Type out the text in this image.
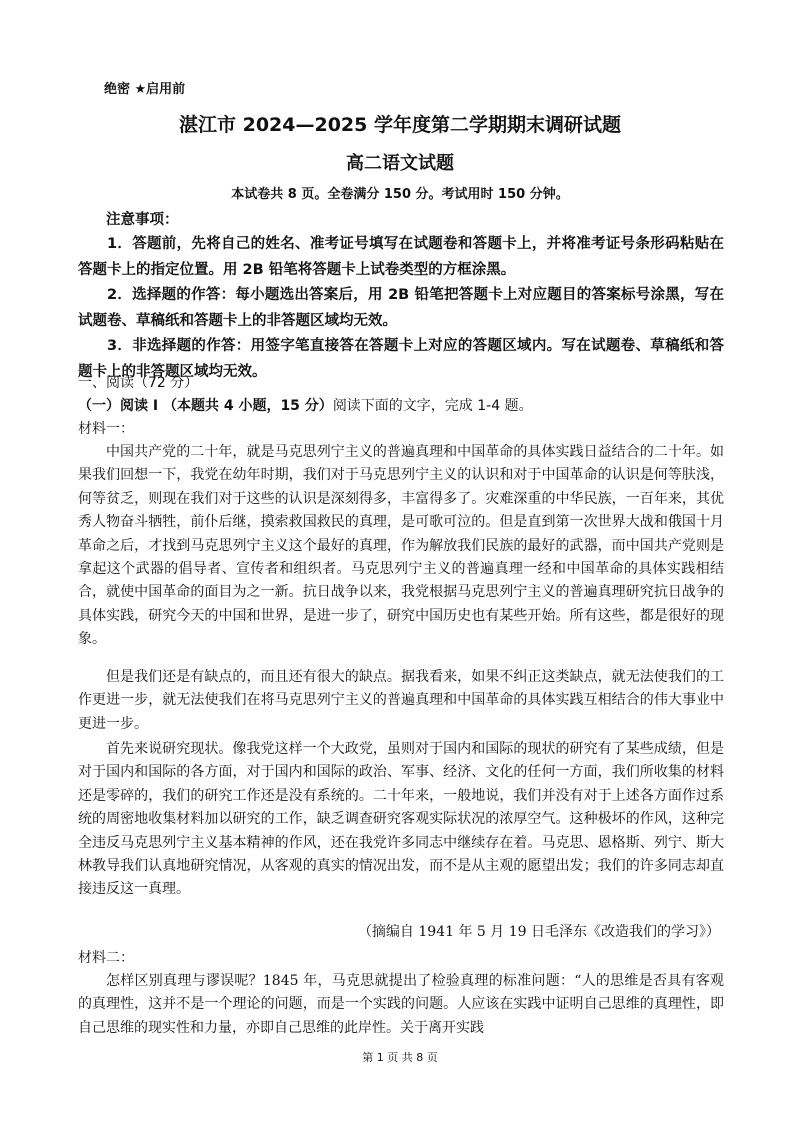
绝密 ★启用前
湛江市 2024—2025 学年度第二学期期末调研试题
高二语文试题
本试卷共 8 页。全卷满分 150 分。考试用时 150 分钟。
注意事项：
1．答题前，先将自己的姓名、准考证号填写在试题卷和答题卡上，并将准考证号条形码粘贴在答题卡上的指定位置。用 2B 铅笔将答题卡上试卷类型的方框涂黑。
2．选择题的作答：每小题选出答案后，用 2B 铅笔把答题卡上对应题目的答案标号涂黑，写在试题卷、草稿纸和答题卡上的非答题区域均无效。
3．非选择题的作答：用签字笔直接答在答题卡上对应的答题区域内。写在试题卷、草稿纸和答题卡上的非答题区域均无效。
一、阅读（72 分）
（一）阅读 I （本题共 4 小题，15 分）阅读下面的文字，完成 1-4 题。
材料一：
中国共产党的二十年，就是马克思列宁主义的普遍真理和中国革命的具体实践日益结合的二十年。如果我们回想一下，我党在幼年时期，我们对于马克思列宁主义的认识和对于中国革命的认识是何等肤浅，何等贫乏，则现在我们对于这些的认识是深刻得多，丰富得多了。灾难深重的中华民族，一百年来，其优秀人物奋斗牺牲，前仆后继，摸索救国救民的真理，是可歌可泣的。但是直到第一次世界大战和俄国十月革命之后，才找到马克思列宁主义这个最好的真理，作为解放我们民族的最好的武器，而中国共产党则是拿起这个武器的倡导者、宣传者和组织者。马克思列宁主义的普遍真理一经和中国革命的具体实践相结合，就使中国革命的面目为之一新。抗日战争以来，我党根据马克思列宁主义的普遍真理研究抗日战争的具体实践，研究今天的中国和世界，是进一步了，研究中国历史也有某些开始。所有这些，都是很好的现象。
但是我们还是有缺点的，而且还有很大的缺点。据我看来，如果不纠正这类缺点，就无法使我们的工作更进一步，就无法使我们在将马克思列宁主义的普遍真理和中国革命的具体实践互相结合的伟大事业中更进一步。
首先来说研究现状。像我党这样一个大政党，虽则对于国内和国际的现状的研究有了某些成绩，但是对于国内和国际的各方面，对于国内和国际的政治、军事、经济、文化的任何一方面，我们所收集的材料还是零碎的，我们的研究工作还是没有系统的。二十年来，一般地说，我们并没有对于上述各方面作过系统的周密地收集材料加以研究的工作，缺乏调查研究客观实际状况的浓厚空气。这种极坏的作风，这种完全违反马克思列宁主义基本精神的作风，还在我党许多同志中继续存在着。马克思、恩格斯、列宁、斯大林教导我们认真地研究情况，从客观的真实的情况出发，而不是从主观的愿望出发；我们的许多同志却直接违反这一真理。
（摘编自 1941 年 5 月 19 日毛泽东《改造我们的学习》）
材料二：
怎样区别真理与谬误呢？1845 年，马克思就提出了检验真理的标准问题：“人的思维是否具有客观的真理性，这并不是一个理论的问题，而是一个实践的问题。人应该在实践中证明自己思维的真理性，即自己思维的现实性和力量，亦即自己思维的此岸性。关于离开实践
第 1 页 共 8 页
